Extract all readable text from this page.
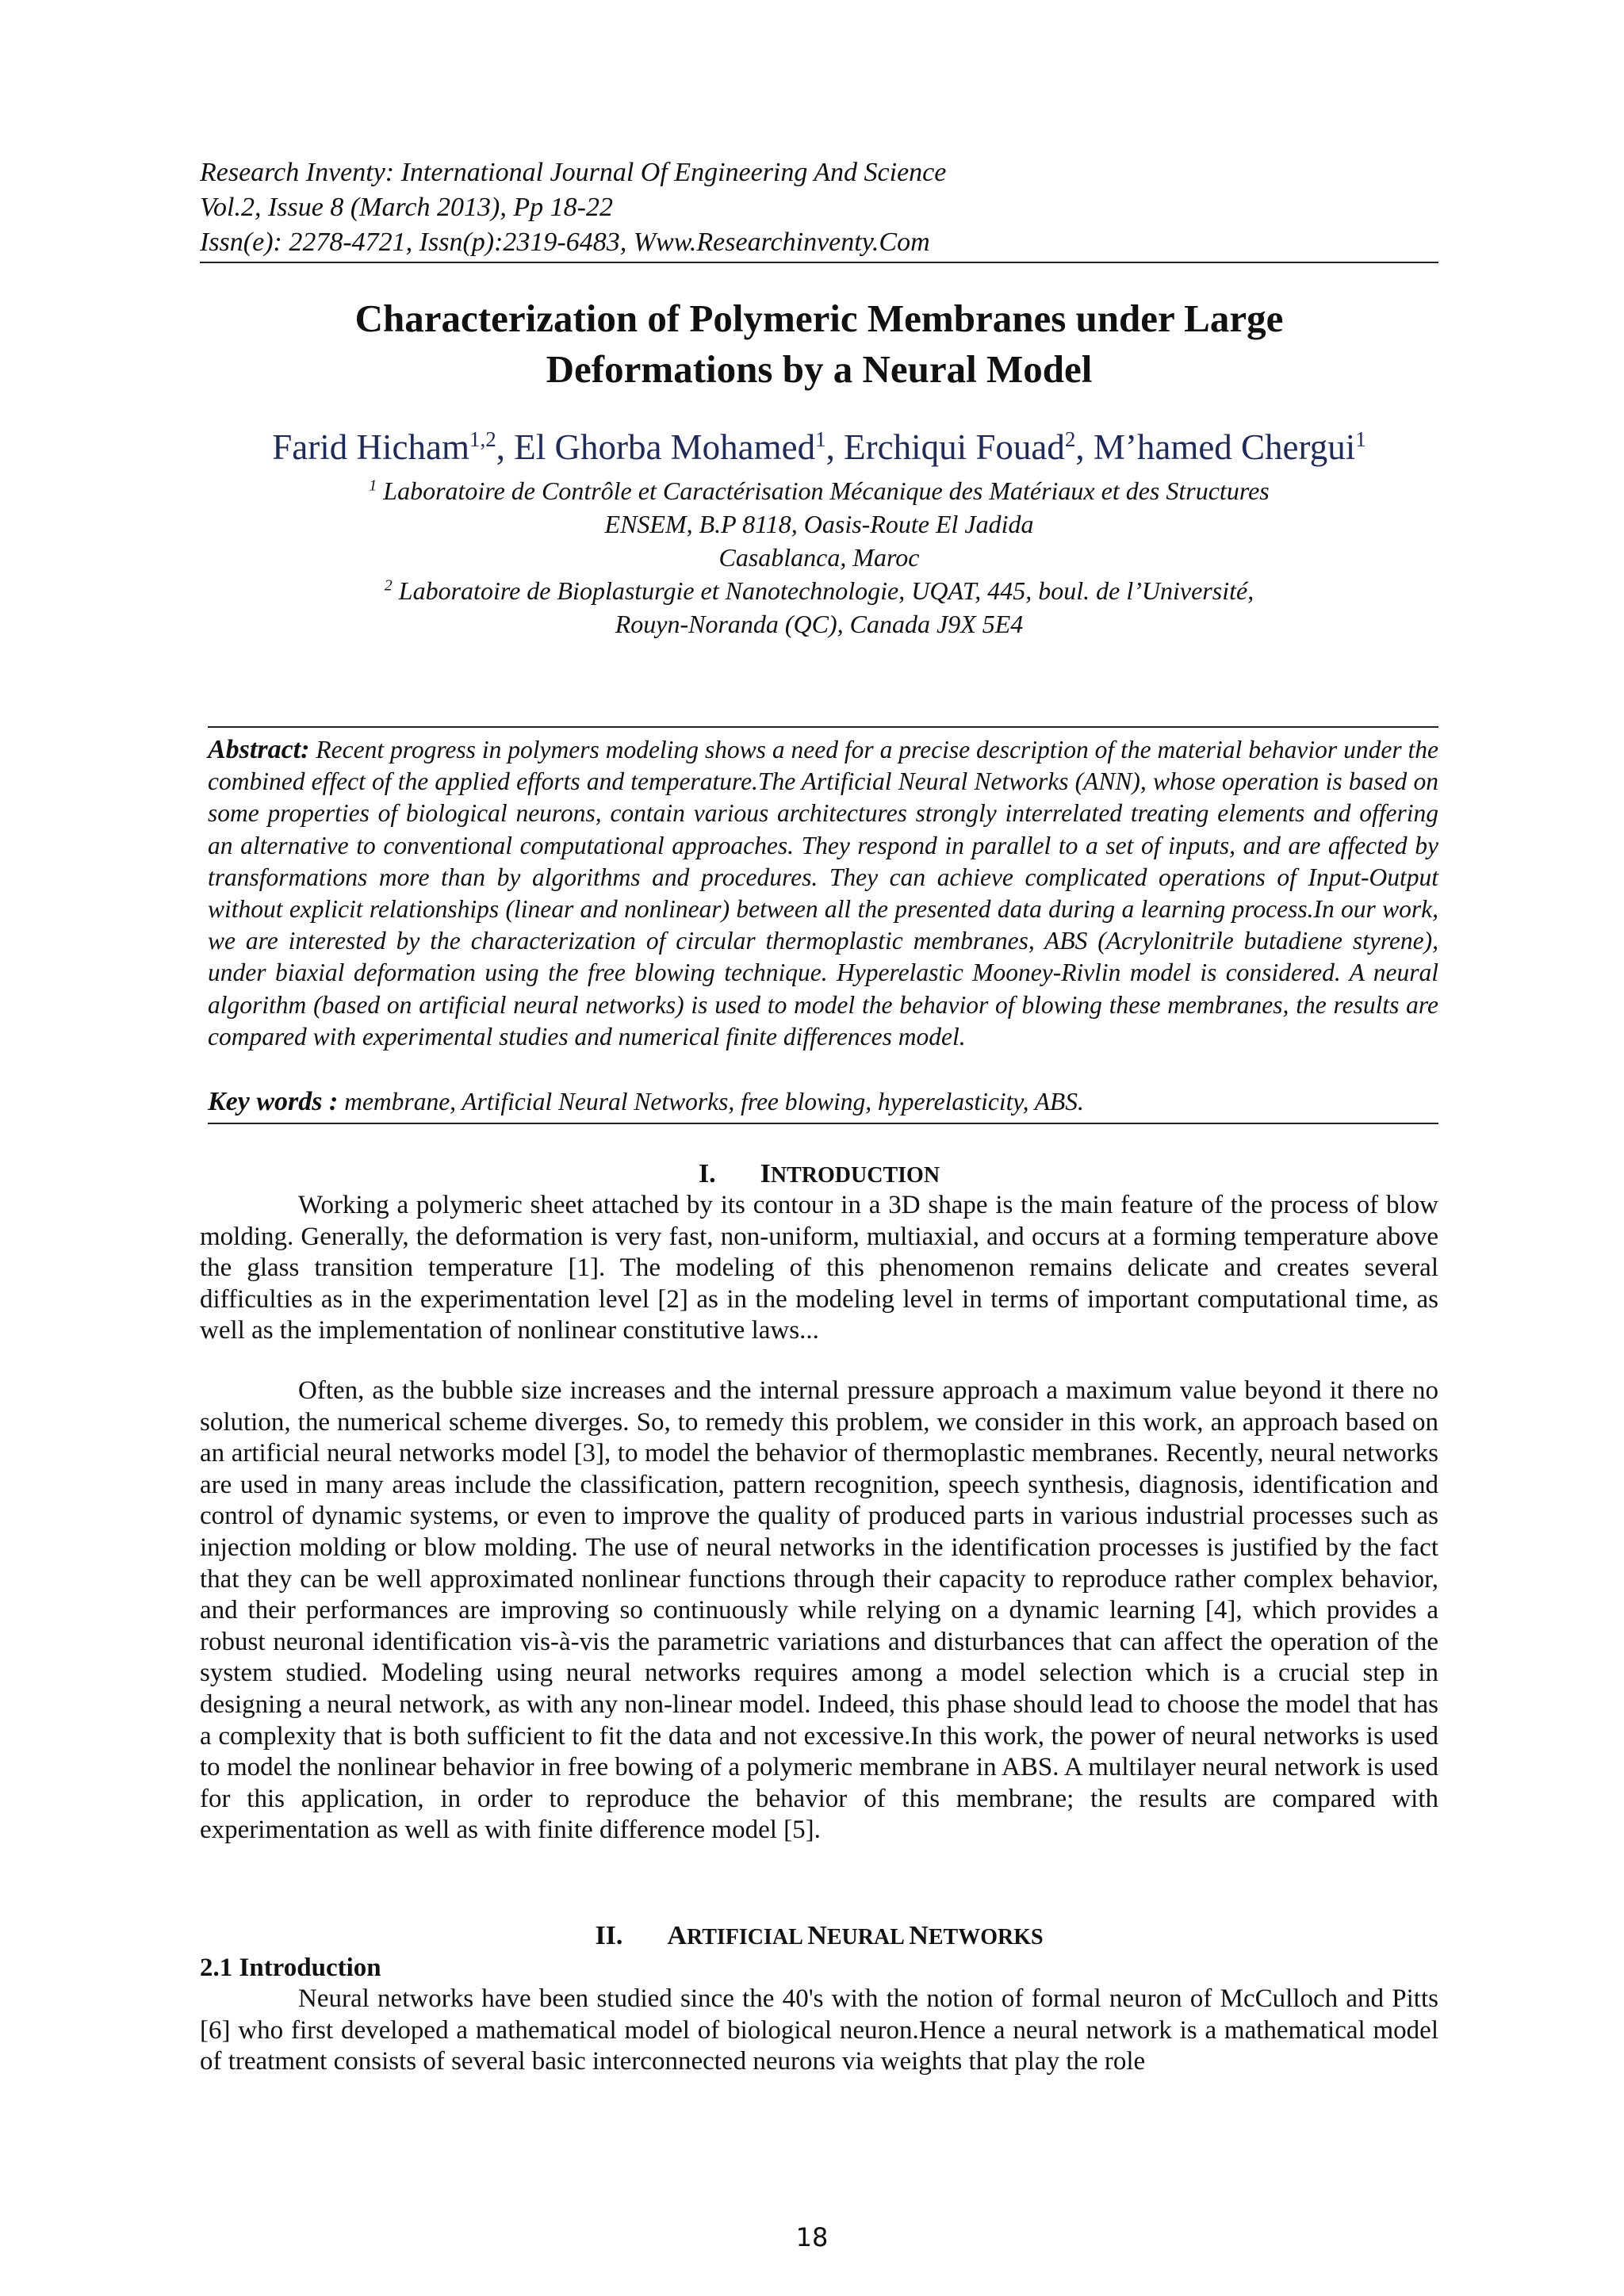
Research Inventy: International Journal Of Engineering And Science
Vol.2, Issue 8 (March 2013), Pp 18-22
Issn(e): 2278-4721, Issn(p):2319-6483, Www.Researchinventy.Com
Characterization of Polymeric Membranes under Large
Deformations by a Neural Model
Farid Hicham$^{1,2}$, El Ghorba Mohamed$^1$, Erchiqui Fouad$^2$, M’hamed Chergui$^1$
$^1$ Laboratoire de Contrôle et Caractérisation Mécanique des Matériaux et des Structures
ENSEM, B.P 8118, Oasis-Route El Jadida
Casablanca, Maroc
$^2$ Laboratoire de Bioplasturgie et Nanotechnologie, UQAT, 445, boul. de l’Université,
Rouyn-Noranda (QC), Canada J9X 5E4
Abstract: Recent progress in polymers modeling shows a need for a precise description of the material behavior under the combined effect of the applied efforts and temperature.The Artificial Neural Networks (ANN), whose operation is based on some properties of biological neurons, contain various architectures strongly interrelated treating elements and offering an alternative to conventional computational approaches. They respond in parallel to a set of inputs, and are affected by transformations more than by algorithms and procedures. They can achieve complicated operations of Input-Output without explicit relationships (linear and nonlinear) between all the presented data during a learning process.In our work, we are interested by the characterization of circular thermoplastic membranes, ABS (Acrylonitrile butadiene styrene), under biaxial deformation using the free blowing technique. Hyperelastic Mooney-Rivlin model is considered. A neural algorithm (based on artificial neural networks) is used to model the behavior of blowing these membranes, the results are compared with experimental studies and numerical finite differences model.
Key words : membrane, Artificial Neural Networks, free blowing, hyperelasticity, ABS.
I. INTRODUCTION
Working a polymeric sheet attached by its contour in a 3D shape is the main feature of the process of blow molding. Generally, the deformation is very fast, non-uniform, multiaxial, and occurs at a forming temperature above the glass transition temperature [1]. The modeling of this phenomenon remains delicate and creates several difficulties as in the experimentation level [2] as in the modeling level in terms of important computational time, as well as the implementation of nonlinear constitutive laws...
Often, as the bubble size increases and the internal pressure approach a maximum value beyond it there no solution, the numerical scheme diverges. So, to remedy this problem, we consider in this work, an approach based on an artificial neural networks model [3], to model the behavior of thermoplastic membranes. Recently, neural networks are used in many areas include the classification, pattern recognition, speech synthesis, diagnosis, identification and control of dynamic systems, or even to improve the quality of produced parts in various industrial processes such as injection molding or blow molding. The use of neural networks in the identification processes is justified by the fact that they can be well approximated nonlinear functions through their capacity to reproduce rather complex behavior, and their performances are improving so continuously while relying on a dynamic learning [4], which provides a robust neuronal identification vis-à-vis the parametric variations and disturbances that can affect the operation of the system studied. Modeling using neural networks requires among a model selection which is a crucial step in designing a neural network, as with any non-linear model. Indeed, this phase should lead to choose the model that has a complexity that is both sufficient to fit the data and not excessive.In this work, the power of neural networks is used to model the nonlinear behavior in free bowing of a polymeric membrane in ABS. A multilayer neural network is used for this application, in order to reproduce the behavior of this membrane; the results are compared with experimentation as well as with finite difference model [5].
II. ARTIFICIAL NEURAL NETWORKS
2.1 Introduction
Neural networks have been studied since the 40's with the notion of formal neuron of McCulloch and Pitts [6] who first developed a mathematical model of biological neuron.Hence a neural network is a mathematical model of treatment consists of several basic interconnected neurons via weights that play the role
18
